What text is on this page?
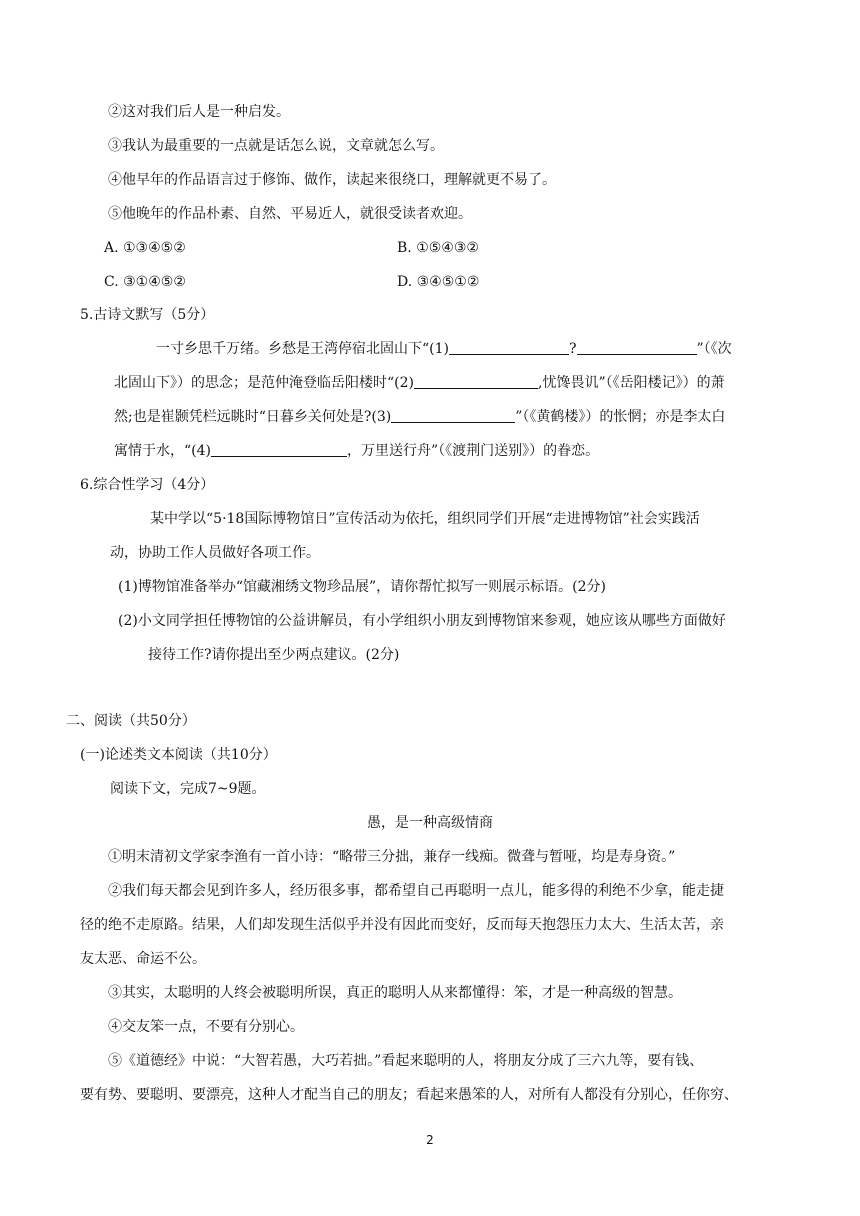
②这对我们后人是一种启发。
③我认为最重要的一点就是话怎么说，文章就怎么写。
④他早年的作品语言过于修饰、做作，读起来很绕口，理解就更不易了。
⑤他晚年的作品朴素、自然、平易近人，就很受读者欢迎。
A. ①③④⑤②	B. ①⑤④③②
C. ③①④⑤②	D. ③④⑤①②
5.古诗文默写（5分）
一寸乡思千万绪。乡愁是王湾停宿北固山下“(1)	?	”（《次
北固山下》）的思念；是范仲淹登临岳阳楼时“(2)	,忧馋畏讥”（《岳阳楼记》）的萧
然;也是崔颢凭栏远眺时“日暮乡关何处是?(3)	”（《黄鹤楼》）的怅惘；亦是李太白
寓情于水，“(4)	，万里送行舟”（《渡荆门送别》）的眷恋。
6.综合性学习（4分）
某中学以“5·18国际博物馆日”宣传活动为依托，组织同学们开展“走进博物馆”社会实践活
动，协助工作人员做好各项工作。
(1)博物馆准备举办“馆藏湘绣文物珍品展”，请你帮忙拟写一则展示标语。(2分)
(2)小文同学担任博物馆的公益讲解员，有小学组织小朋友到博物馆来参观，她应该从哪些方面做好
接待工作?请你提出至少两点建议。(2分)
二、阅读（共50分）
(一)论述类文本阅读（共10分）
阅读下文，完成7~9题。
愚，是一种高级情商
①明末清初文学家李渔有一首小诗：“略带三分拙，兼存一线痴。微聋与暂哑，均是寿身资。”
②我们每天都会见到许多人，经历很多事，都希望自己再聪明一点儿，能多得的利绝不少拿，能走捷
径的绝不走原路。结果，人们却发现生活似乎并没有因此而变好，反而每天抱怨压力太大、生活太苦，亲
友太恶、命运不公。
③其实，太聪明的人终会被聪明所误，真正的聪明人从来都懂得：笨，才是一种高级的智慧。
④交友笨一点，不要有分别心。
⑤《道德经》中说：“大智若愚，大巧若拙。”看起来聪明的人，将朋友分成了三六九等，要有钱、
要有势、要聪明、要漂亮，这种人才配当自己的朋友；看起来愚笨的人，对所有人都没有分别心，任你穷、
2
